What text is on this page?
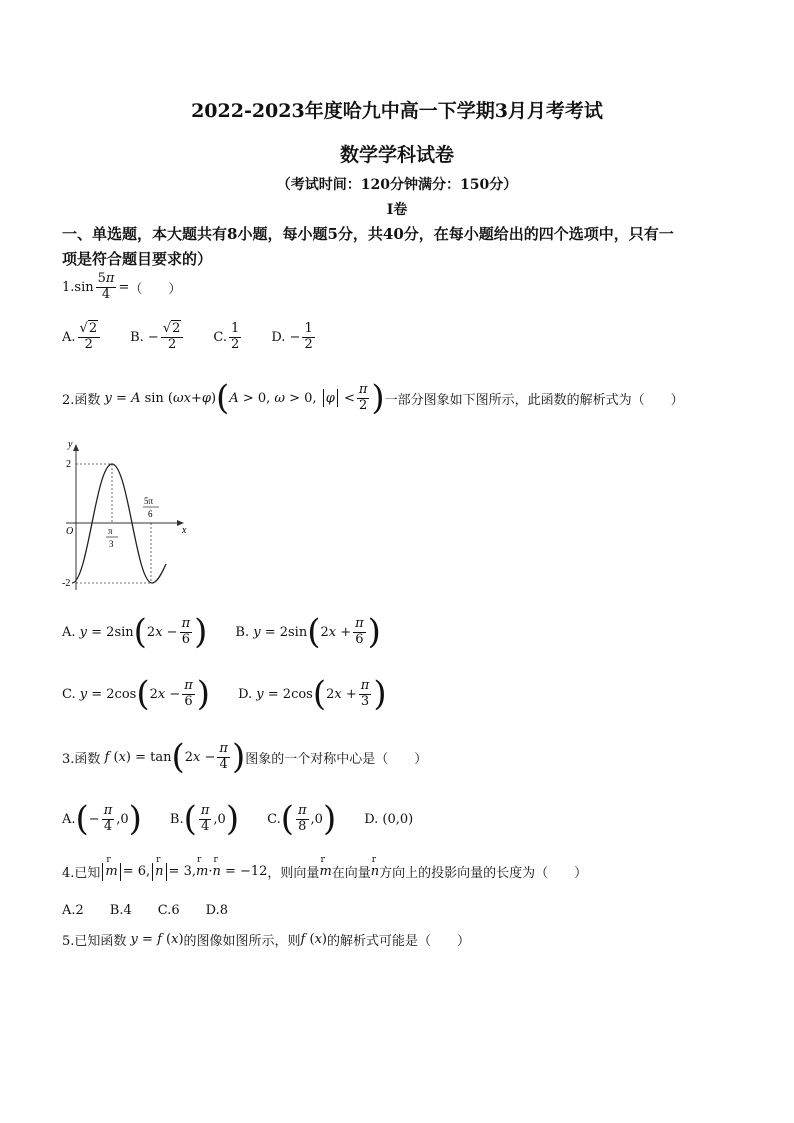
2022-2023年度哈九中高一下学期3月月考考试
数学学科试卷
（考试时间：120分钟满分：150分）
I卷
一、单选题，本大题共有8小题，每小题5分，共40分，在每小题给出的四个选项中，只有一
项是符合题目要求的）
1. $\sin \frac{5\pi}{4}$ = （　　）
A. $\frac{√2}{2} B$. − $\frac{√2}{2} C$. $\frac{1}{2} D$. − $\frac{1}{2}$
2.函数 y = A sin ( ωx + φ ) ( A > 0, ω > 0, $\varphi < \frac{\pi}{2}$ ) 一部分图象如下图所示，此函数的解析式为（　　）
y
x
2
-2
O	π
3
5π
6
A. y = 2sin ( 2 $x - \frac{\pi}{6}$ ) B. y = 2sin ( 2 $x + \frac{\pi}{6}$ )
C. y = 2cos ( 2 $x - \frac{\pi}{6}$ ) D. y = 2cos ( 2 $x + \frac{\pi}{3}$ )
3.函数 f ( x ) = tan ( 2 $x - \frac{\pi}{4}$ ) 图象的一个对称中心是（　　）
A. ( − $\frac{\pi}{4} ,0$ ) B. ( $\frac{\pi}{4} ,0$ ) C. ( $\frac{\pi}{8} ,0$ ) D. (0,0)
4.已知 r m = 6, r n = 3, r m · r n = −12 ，则向量 r m 在向量 r n 方向上的投影向量的长度为（　　）
A.2　　B.4　　C.6　　D.8
5.已知函数 y = f ( x ) 的图像如图所示，则 f ( x ) 的解析式可能是（　　）
